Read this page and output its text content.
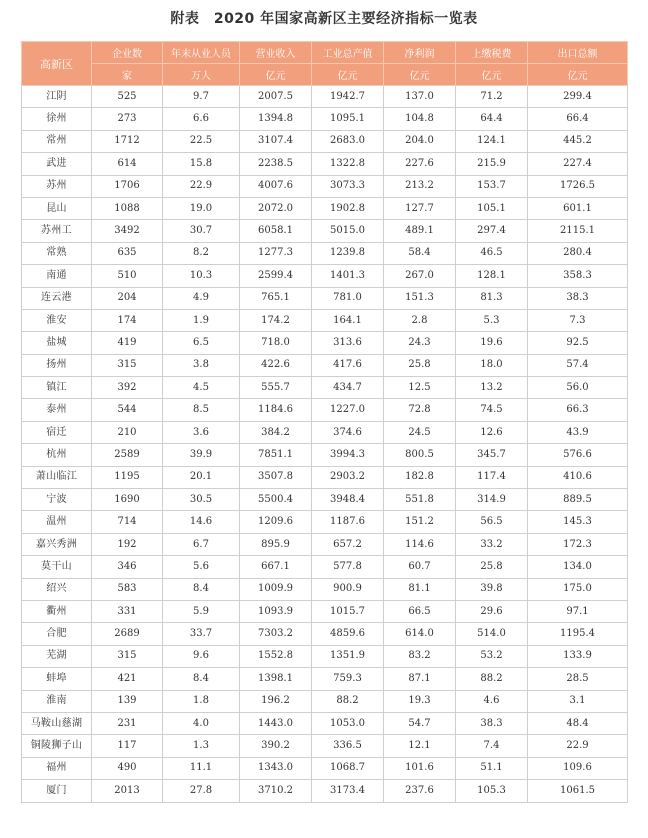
附表　2020 年国家高新区主要经济指标一览表
高新区	企业数	年末从业人员	营业收入	工业总产值	净利润	上缴税费	出口总额
	家	万人	亿元	亿元	亿元	亿元	亿元
江阴	525	9.7	2007.5	1942.7	137.0	71.2	299.4
徐州	273	6.6	1394.8	1095.1	104.8	64.4	66.4
常州	1712	22.5	3107.4	2683.0	204.0	124.1	445.2
武进	614	15.8	2238.5	1322.8	227.6	215.9	227.4
苏州	1706	22.9	4007.6	3073.3	213.2	153.7	1726.5
昆山	1088	19.0	2072.0	1902.8	127.7	105.1	601.1
苏州工	3492	30.7	6058.1	5015.0	489.1	297.4	2115.1
常熟	635	8.2	1277.3	1239.8	58.4	46.5	280.4
南通	510	10.3	2599.4	1401.3	267.0	128.1	358.3
连云港	204	4.9	765.1	781.0	151.3	81.3	38.3
淮安	174	1.9	174.2	164.1	2.8	5.3	7.3
盐城	419	6.5	718.0	313.6	24.3	19.6	92.5
扬州	315	3.8	422.6	417.6	25.8	18.0	57.4
镇江	392	4.5	555.7	434.7	12.5	13.2	56.0
泰州	544	8.5	1184.6	1227.0	72.8	74.5	66.3
宿迁	210	3.6	384.2	374.6	24.5	12.6	43.9
杭州	2589	39.9	7851.1	3994.3	800.5	345.7	576.6
萧山临江	1195	20.1	3507.8	2903.2	182.8	117.4	410.6
宁波	1690	30.5	5500.4	3948.4	551.8	314.9	889.5
温州	714	14.6	1209.6	1187.6	151.2	56.5	145.3
嘉兴秀洲	192	6.7	895.9	657.2	114.6	33.2	172.3
莫干山	346	5.6	667.1	577.8	60.7	25.8	134.0
绍兴	583	8.4	1009.9	900.9	81.1	39.8	175.0
衢州	331	5.9	1093.9	1015.7	66.5	29.6	97.1
合肥	2689	33.7	7303.2	4859.6	614.0	514.0	1195.4
芜湖	315	9.6	1552.8	1351.9	83.2	53.2	133.9
蚌埠	421	8.4	1398.1	759.3	87.1	88.2	28.5
淮南	139	1.8	196.2	88.2	19.3	4.6	3.1
马鞍山慈湖	231	4.0	1443.0	1053.0	54.7	38.3	48.4
铜陵狮子山	117	1.3	390.2	336.5	12.1	7.4	22.9
福州	490	11.1	1343.0	1068.7	101.6	51.1	109.6
厦门	2013	27.8	3710.2	3173.4	237.6	105.3	1061.5
